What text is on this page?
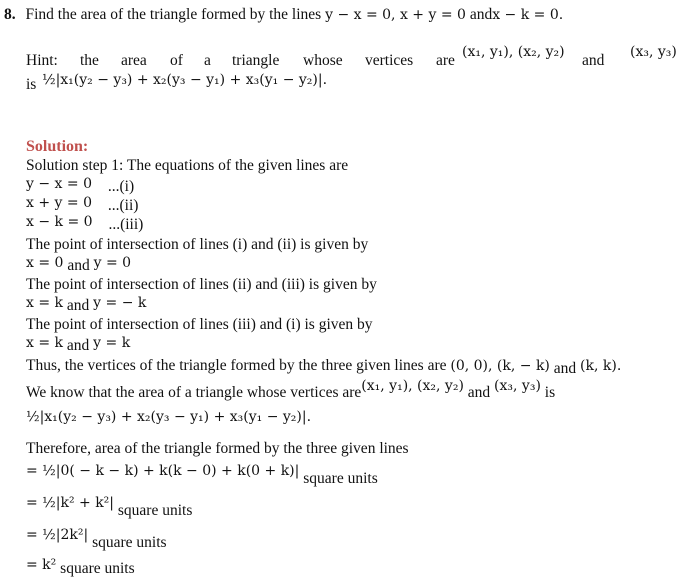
8. Find the area of the triangle formed by the lines y − x = 0, x + y = 0 andx − k = 0.
Hint: the area of a triangle whose vertices are (x₁, y₁), (x₂, y₂) and (x₃, y₃)
is ½|x₁(y₂ − y₃) + x₂(y₃ − y₁) + x₃(y₁ − y₂)|.
Solution:
Solution step 1: The equations of the given lines are
y − x = 0 ...(i)
x + y = 0 ...(ii)
x − k = 0 ...(iii)
The point of intersection of lines (i) and (ii) is given by
x = 0 and y = 0
The point of intersection of lines (ii) and (iii) is given by
x = k and y = − k
The point of intersection of lines (iii) and (i) is given by
x = k and y = k
Thus, the vertices of the triangle formed by the three given lines are (0, 0), (k, − k) and (k, k).
We know that the area of a triangle whose vertices are(x₁, y₁), (x₂, y₂) and (x₃, y₃) is
½|x₁(y₂ − y₃) + x₂(y₃ − y₁) + x₃(y₁ − y₂)|.
Therefore, area of the triangle formed by the three given lines
= ½|0( − k − k) + k(k − 0) + k(0 + k)| square units
= ½|k² + k²| square units
= ½|2k²| square units
= k² square units
